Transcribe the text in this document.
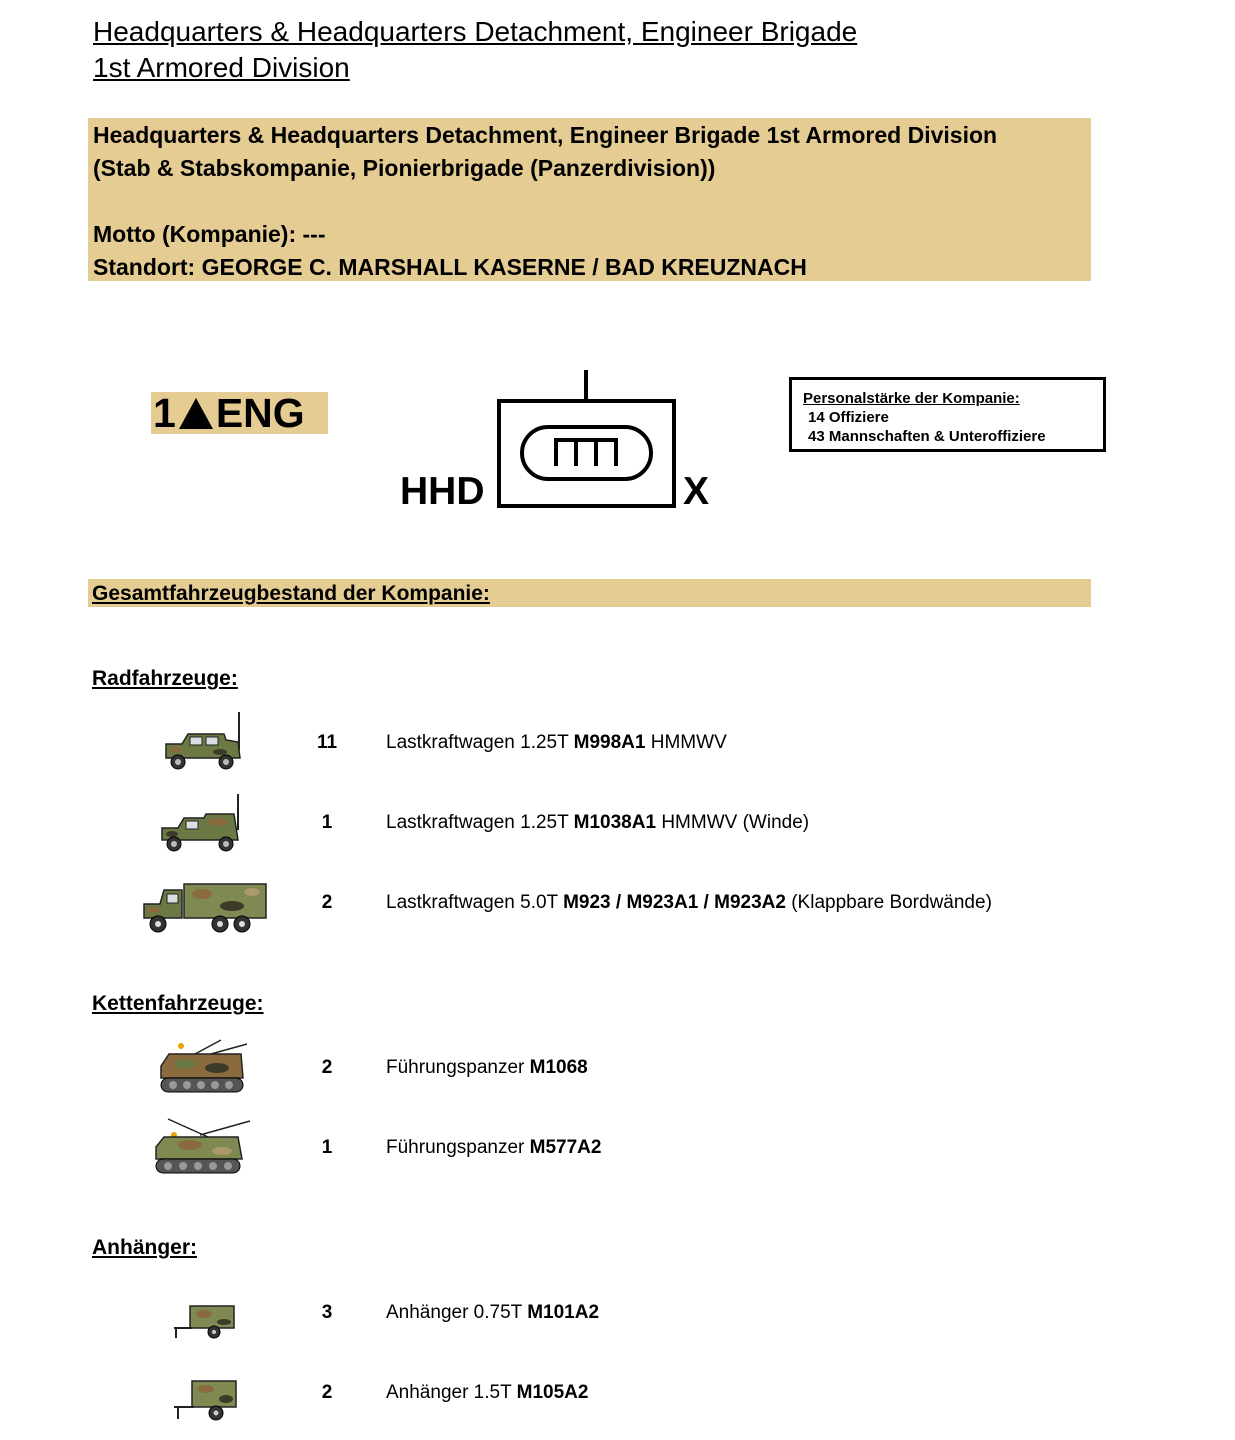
Headquarters & Headquarters Detachment, Engineer Brigade
1st Armored Division
Headquarters & Headquarters Detachment, Engineer Brigade 1st Armored Division
(Stab & Stabskompanie, Pionierbrigade (Panzerdivision))
Motto (Kompanie): ---
Standort: GEORGE C. MARSHALL KASERNE / BAD KREUZNACH
1 ENG
HHD	X
Personalstärke der Kompanie:
14 Offiziere
43 Mannschaften & Unteroffiziere
Gesamtfahrzeugbestand der Kompanie:
Radfahrzeuge:
11	Lastkraftwagen 1.25T M998A1 HMMWV
1	Lastkraftwagen 1.25T M1038A1 HMMWV (Winde)
2	Lastkraftwagen 5.0T M923 / M923A1 / M923A2 (Klappbare Bordwände)
Kettenfahrzeuge:
2	Führungspanzer M1068
1	Führungspanzer M577A2
Anhänger:
3	Anhänger 0.75T M101A2
2	Anhänger 1.5T M105A2
